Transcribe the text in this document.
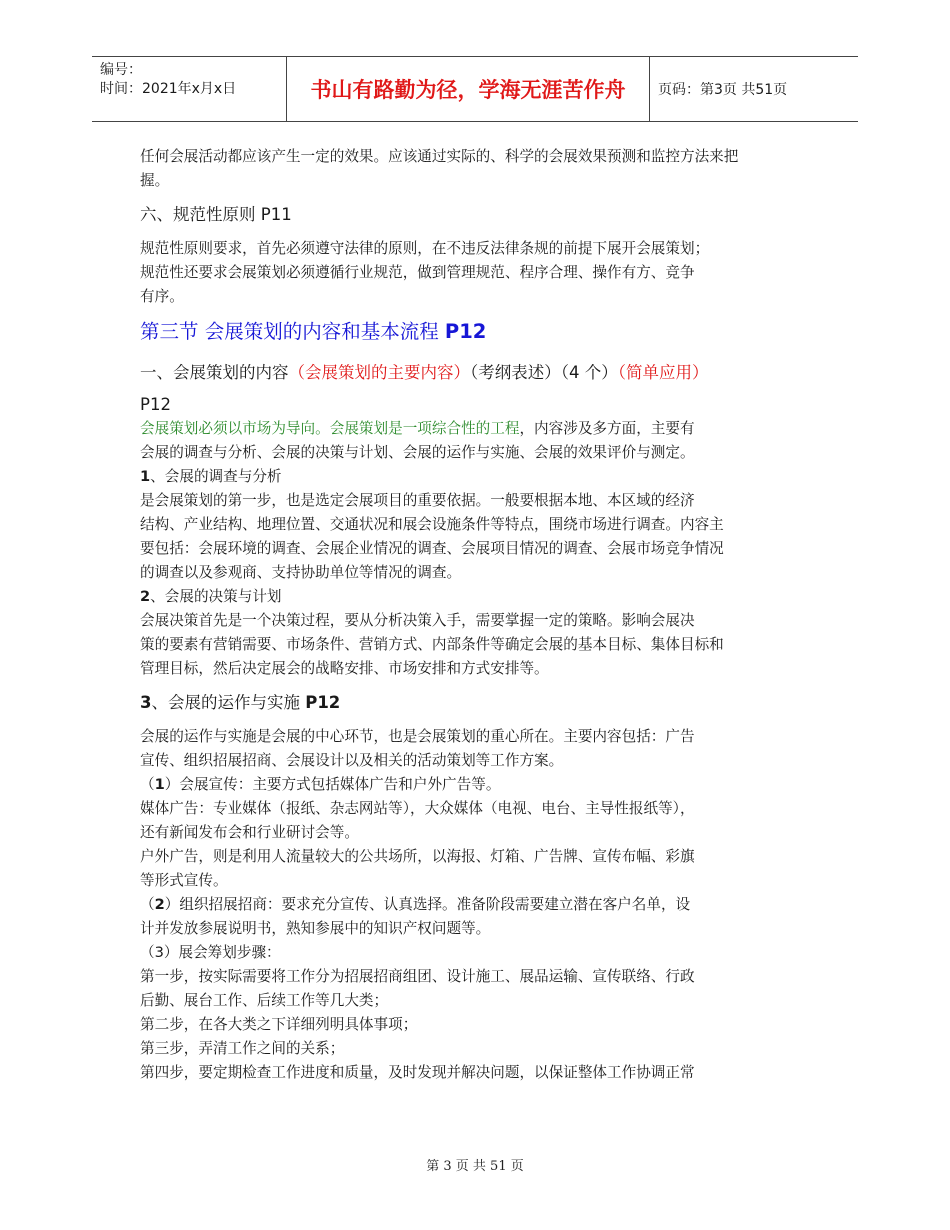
编号：
时间：2021年x月x日	书山有路勤为径，学海无涯苦作舟	页码：第3页 共51页

任何会展活动都应该产生一定的效果。应该通过实际的、科学的会展效果预测和监控方法来把

握。

六、规范性原则 P11

规范性原则要求，首先必须遵守法律的原则，在不违反法律条规的前提下展开会展策划；

规范性还要求会展策划必须遵循行业规范，做到管理规范、程序合理、操作有方、竞争

有序。

第三节 会展策划的内容和基本流程 P12

一、会展策划的内容（会展策划的主要内容）（考纲表述）（4 个）（简单应用）

P12

会展策划必须以市场为导向。会展策划是一项综合性的工程，内容涉及多方面，主要有

会展的调查与分析、会展的决策与计划、会展的运作与实施、会展的效果评价与测定。

1、会展的调查与分析

是会展策划的第一步，也是选定会展项目的重要依据。一般要根据本地、本区域的经济

结构、产业结构、地理位置、交通状况和展会设施条件等特点，围绕市场进行调查。内容主

要包括：会展环境的调查、会展企业情况的调查、会展项目情况的调查、会展市场竞争情况

的调查以及参观商、支持协助单位等情况的调查。

2、会展的决策与计划

会展决策首先是一个决策过程，要从分析决策入手，需要掌握一定的策略。影响会展决

策的要素有营销需要、市场条件、营销方式、内部条件等确定会展的基本目标、集体目标和

管理目标，然后决定展会的战略安排、市场安排和方式安排等。

3、会展的运作与实施 P12

会展的运作与实施是会展的中心环节，也是会展策划的重心所在。主要内容包括：广告

宣传、组织招展招商、会展设计以及相关的活动策划等工作方案。

（1）会展宣传：主要方式包括媒体广告和户外广告等。

媒体广告：专业媒体（报纸、杂志网站等），大众媒体（电视、电台、主导性报纸等），

还有新闻发布会和行业研讨会等。

户外广告，则是利用人流量较大的公共场所，以海报、灯箱、广告牌、宣传布幅、彩旗

等形式宣传。

（2）组织招展招商：要求充分宣传、认真选择。准备阶段需要建立潜在客户名单，设

计并发放参展说明书，熟知参展中的知识产权问题等。

（3）展会筹划步骤：

第一步，按实际需要将工作分为招展招商组团、设计施工、展品运输、宣传联络、行政

后勤、展台工作、后续工作等几大类；

第二步，在各大类之下详细列明具体事项；

第三步，弄清工作之间的关系；

第四步，要定期检查工作进度和质量，及时发现并解决问题，以保证整体工作协调正常

第 3 页 共 51 页
